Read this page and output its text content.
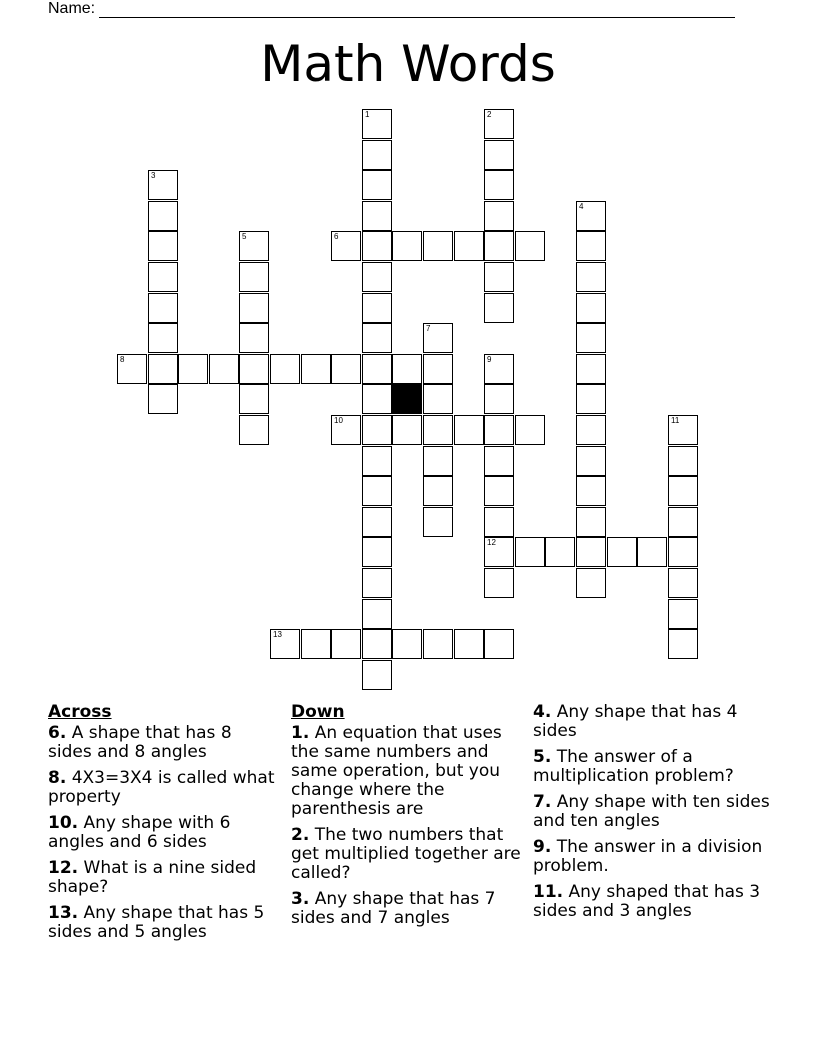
Name:
Math Words
6
8
10
12
13
1	2
3
4
5
7
9
11
Across
6. A shape that has 8 sides and 8 angles
8. 4X3=3X4 is called what property
10. Any shape with 6 angles and 6 sides
12. What is a nine sided shape?
13. Any shape that has 5 sides and 5 angles
Down
1. An equation that uses the same numbers and same operation, but you change where the parenthesis are
2. The two numbers that get multiplied together are called?
3. Any shape that has 7 sides and 7 angles
4. Any shape that has 4 sides
5. The answer of a multiplication problem?
7. Any shape with ten sides and ten angles
9. The answer in a division problem.
11. Any shaped that has 3 sides and 3 angles
